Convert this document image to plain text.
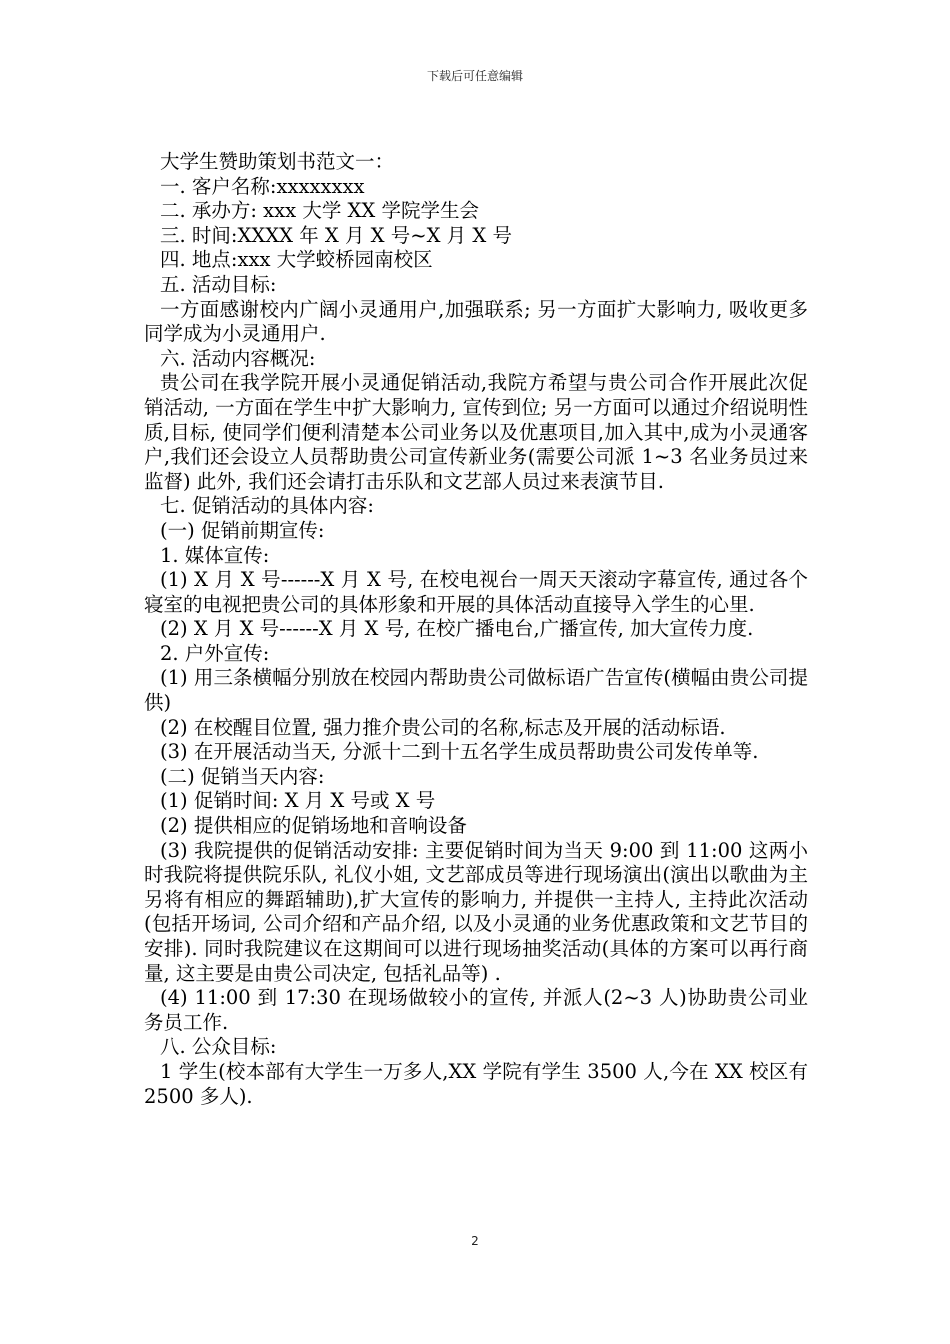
下载后可任意编辑

大学生赞助策划书范文一：

一. 客户名称:xxxxxxxx

二. 承办方: xxx 大学 XX 学院学生会

三. 时间:XXXX 年 X 月 X 号~X 月 X 号

四. 地点:xxx 大学蛟桥园南校区

五. 活动目标:

一方面感谢校内广阔小灵通用户,加强联系; 另一方面扩大影响力, 吸收更多同学成为小灵通用户.

六. 活动内容概况:

贵公司在我学院开展小灵通促销活动,我院方希望与贵公司合作开展此次促销活动, 一方面在学生中扩大影响力, 宣传到位; 另一方面可以通过介绍说明性质,目标, 使同学们便利清楚本公司业务以及优惠项目,加入其中,成为小灵通客户,我们还会设立人员帮助贵公司宣传新业务(需要公司派 1~3 名业务员过来监督) 此外, 我们还会请打击乐队和文艺部人员过来表演节目.

七. 促销活动的具体内容:

(一) 促销前期宣传:

1. 媒体宣传:

(1) X 月 X 号------X 月 X 号, 在校电视台一周天天滚动字幕宣传, 通过各个寝室的电视把贵公司的具体形象和开展的具体活动直接导入学生的心里.

(2) X 月 X 号------X 月 X 号, 在校广播电台,广播宣传, 加大宣传力度.

2. 户外宣传:

(1) 用三条横幅分别放在校园内帮助贵公司做标语广告宣传(横幅由贵公司提供)

(2) 在校醒目位置, 强力推介贵公司的名称,标志及开展的活动标语.

(3) 在开展活动当天, 分派十二到十五名学生成员帮助贵公司发传单等.

(二) 促销当天内容:

(1) 促销时间: X 月 X 号或 X 号

(2) 提供相应的促销场地和音响设备

(3) 我院提供的促销活动安排: 主要促销时间为当天 9:00 到 11:00 这两小时我院将提供院乐队, 礼仪小姐, 文艺部成员等进行现场演出(演出以歌曲为主另将有相应的舞蹈辅助),扩大宣传的影响力, 并提供一主持人, 主持此次活动(包括开场词, 公司介绍和产品介绍, 以及小灵通的业务优惠政策和文艺节目的安排). 同时我院建议在这期间可以进行现场抽奖活动(具体的方案可以再行商量, 这主要是由贵公司决定, 包括礼品等) .

(4) 11:00 到 17:30 在现场做较小的宣传, 并派人(2~3 人)协助贵公司业务员工作.

八. 公众目标:

1 学生(校本部有大学生一万多人,XX 学院有学生 3500 人,今在 XX 校区有 2500 多人).

2
